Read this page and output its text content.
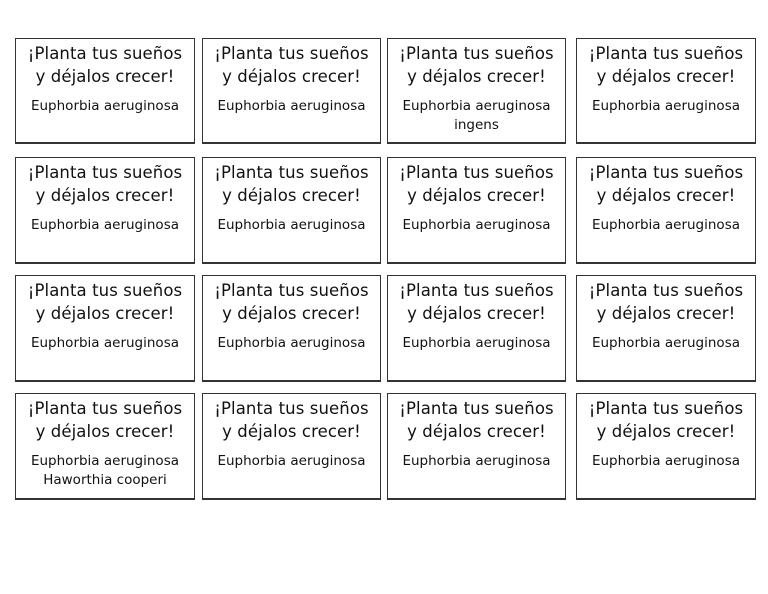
¡Planta tus sueños
y déjalos crecer!

Euphorbia aeruginosa

¡Planta tus sueños
y déjalos crecer!

Euphorbia aeruginosa

¡Planta tus sueños
y déjalos crecer!

Euphorbia aeruginosa
ingens

¡Planta tus sueños
y déjalos crecer!

Euphorbia aeruginosa

¡Planta tus sueños
y déjalos crecer!

Euphorbia aeruginosa

¡Planta tus sueños
y déjalos crecer!

Euphorbia aeruginosa

¡Planta tus sueños
y déjalos crecer!

Euphorbia aeruginosa

¡Planta tus sueños
y déjalos crecer!

Euphorbia aeruginosa

¡Planta tus sueños
y déjalos crecer!

Euphorbia aeruginosa

¡Planta tus sueños
y déjalos crecer!

Euphorbia aeruginosa

¡Planta tus sueños
y déjalos crecer!

Euphorbia aeruginosa

¡Planta tus sueños
y déjalos crecer!

Euphorbia aeruginosa

¡Planta tus sueños
y déjalos crecer!

Euphorbia aeruginosa
Haworthia cooperi

¡Planta tus sueños
y déjalos crecer!

Euphorbia aeruginosa

¡Planta tus sueños
y déjalos crecer!

Euphorbia aeruginosa

¡Planta tus sueños
y déjalos crecer!

Euphorbia aeruginosa
